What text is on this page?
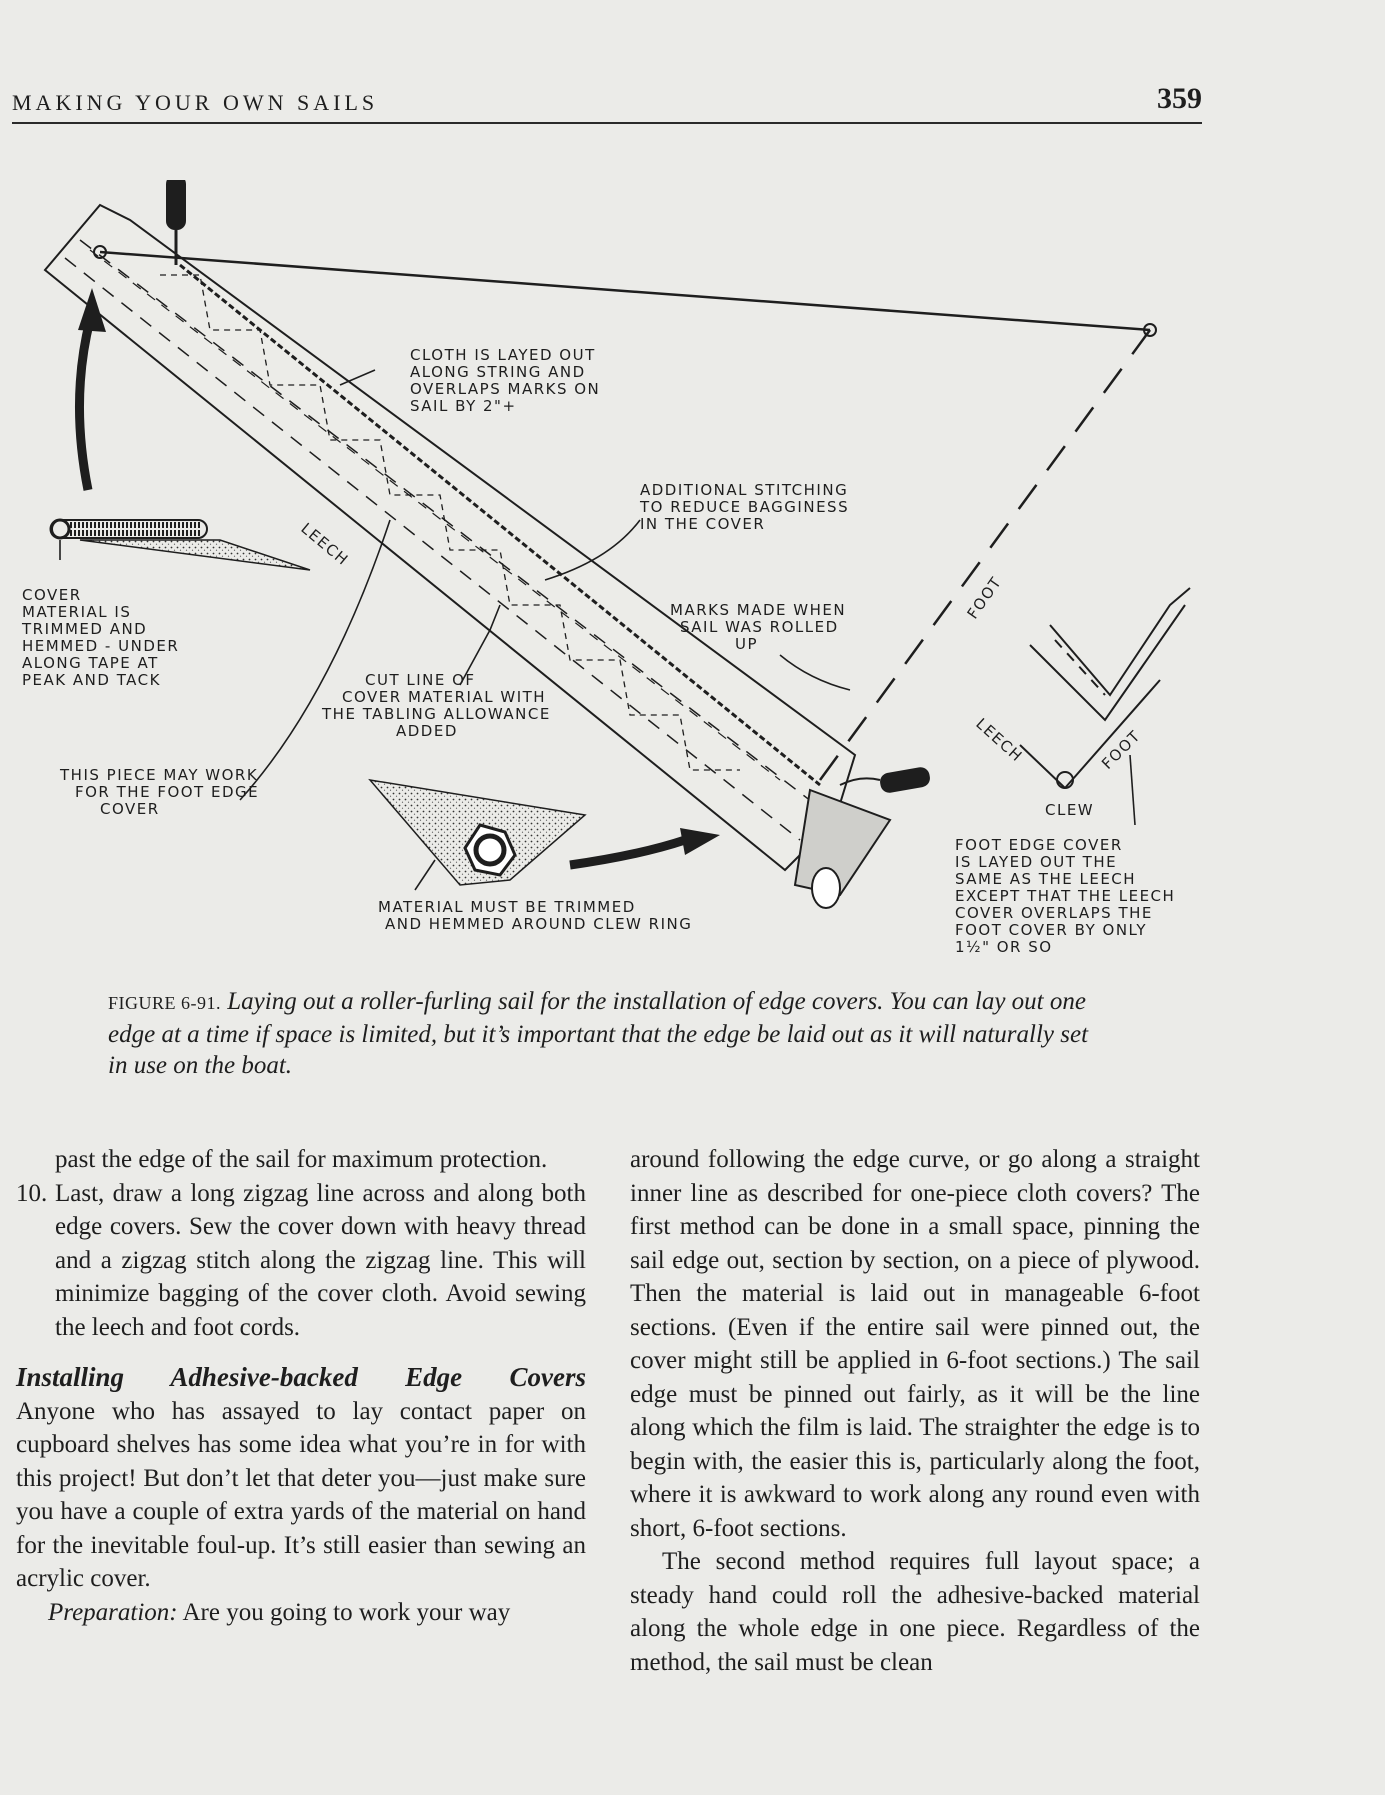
MAKING YOUR OWN SAILS	359
CLOTH IS LAYED OUT
ALONG STRING AND
OVERLAPS MARKS ON
SAIL BY 2"+
ADDITIONAL STITCHING
TO REDUCE BAGGINESS
IN THE COVER
LEECH
FOOT
COVER
MATERIAL IS
TRIMMED AND
HEMMED - UNDER
ALONG TAPE AT
PEAK AND TACK
MARKS MADE WHEN
SAIL WAS ROLLED
UP
CUT LINE OF
COVER MATERIAL WITH
THE TABLING ALLOWANCE
ADDED
THIS PIECE MAY WORK
FOR THE FOOT EDGE
COVER
MATERIAL MUST BE TRIMMED
AND HEMMED AROUND CLEW RING
LEECH	FOOT
CLEW
FOOT EDGE COVER
IS LAYED OUT THE
SAME AS THE LEECH
EXCEPT THAT THE LEECH
COVER OVERLAPS THE
FOOT COVER BY ONLY
1½" OR SO
FIGURE 6-91. Laying out a roller-furling sail for the installation of edge covers. You can lay out one edge at a time if space is limited, but it’s important that the edge be laid out as it will naturally set in use on the boat.

past the edge of the sail for maximum protection.

10. Last, draw a long zigzag line across and along both edge covers. Sew the cover down with heavy thread and a zigzag stitch along the zigzag line. This will minimize bagging of the cover cloth. Avoid sewing the leech and foot cords.

Installing Adhesive-backed Edge Covers

Anyone who has assayed to lay contact paper on cupboard shelves has some idea what you’re in for with this project! But don’t let that deter you—just make sure you have a couple of extra yards of the material on hand for the inevitable foul-up. It’s still easier than sewing an acrylic cover.

Preparation: Are you going to work your way

around following the edge curve, or go along a straight inner line as described for one-piece cloth covers? The first method can be done in a small space, pinning the sail edge out, section by section, on a piece of plywood. Then the material is laid out in manageable 6-foot sections. (Even if the entire sail were pinned out, the cover might still be applied in 6-foot sections.) The sail edge must be pinned out fairly, as it will be the line along which the film is laid. The straighter the edge is to begin with, the easier this is, particularly along the foot, where it is awkward to work along any round even with short, 6-foot sections.

The second method requires full layout space; a steady hand could roll the adhesive-backed material along the whole edge in one piece. Regardless of the method, the sail must be clean
